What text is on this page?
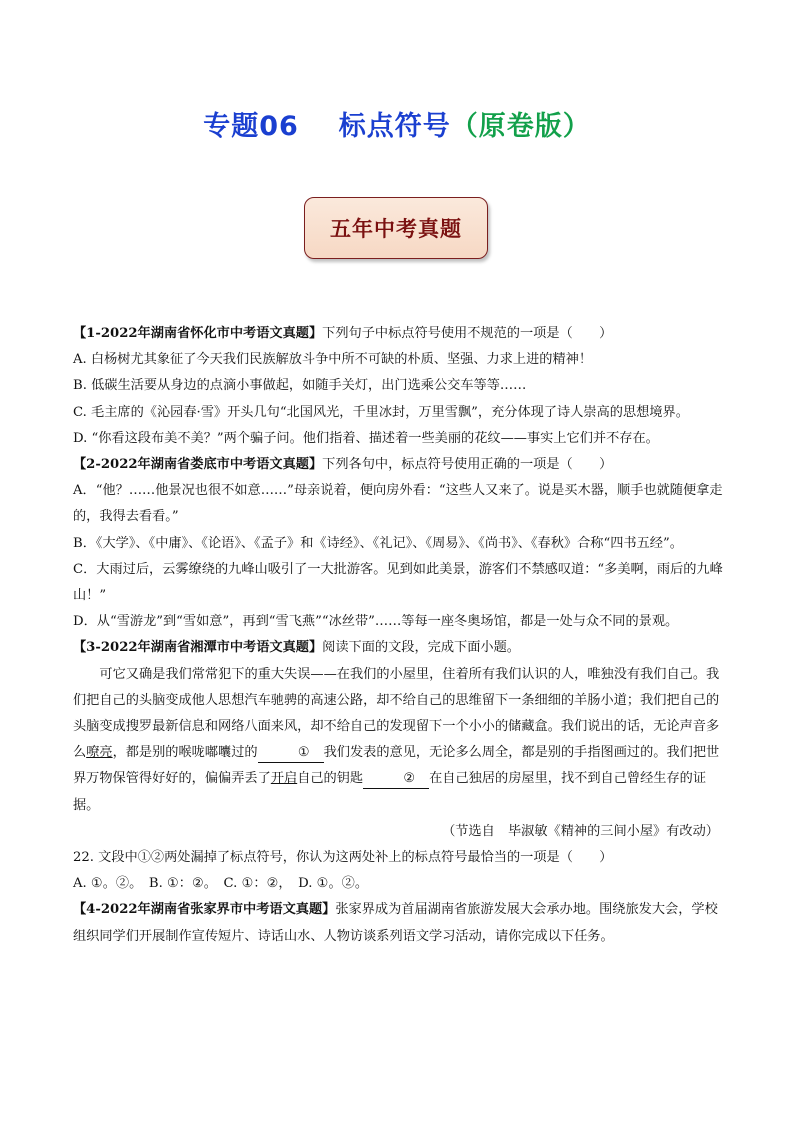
专题06 标点符号（原卷版）
五年中考真题

【1-2022年湖南省怀化市中考语文真题】下列句子中标点符号使用不规范的一项是（　　）

A. 白杨树尤其象征了今天我们民族解放斗争中所不可缺的朴质、坚强、力求上进的精神！

B. 低碳生活要从身边的点滴小事做起，如随手关灯，出门选乘公交车等等……

C. 毛主席的《沁园春·雪》开头几句“北国风光，千里冰封，万里雪飘”，充分体现了诗人崇高的思想境界。

D. “你看这段布美不美？”两个骗子问。他们指着、描述着一些美丽的花纹——事实上它们并不存在。

【2-2022年湖南省娄底市中考语文真题】下列各句中，标点符号使用正确的一项是（　　）

A．“他？……他景况也很不如意……”母亲说着，便向房外看：“这些人又来了。说是买木器，顺手也就随便拿走的，我得去看看。”

B．《大学》、《中庸》、《论语》、《孟子》和《诗经》、《礼记》、《周易》、《尚书》、《春秋》合称“四书五经”。

C．大雨过后，云雾缭绕的九峰山吸引了一大批游客。见到如此美景，游客们不禁感叹道：“多美啊，雨后的九峰山！”

D．从“雪游龙”到“雪如意”，再到“雪飞燕”“冰丝带”……等每一座冬奥场馆，都是一处与众不同的景观。

【3-2022年湖南省湘潭市中考语文真题】阅读下面的文段，完成下面小题。

可它又确是我们常常犯下的重大失误——在我们的小屋里，住着所有我们认识的人，唯独没有我们自己。我们把自己的头脑变成他人思想汽车驰骋的高速公路，却不给自己的思维留下一条细细的羊肠小道；我们把自己的头脑变成搜罗最新信息和网络八面来风，却不给自己的发现留下一个小小的储藏盒。我们说出的话，无论声音多么嘹亮，都是别的喉咙嘟囔过的	① 我们发表的意见，无论多么周全，都是别的手指图画过的。我们把世界万物保管得好好的，偏偏弄丢了开启自己的钥匙	② 在自己独居的房屋里，找不到自己曾经生存的证据。

（节选自　毕淑敏《精神的三间小屋》有改动）

22. 文段中①②两处漏掉了标点符号，你认为这两处补上的标点符号最恰当的一项是（　　）

A. ①。②。　B. ①：②。　C. ①：②，　D. ①。②。

【4-2022年湖南省张家界市中考语文真题】张家界成为首届湖南省旅游发展大会承办地。围绕旅发大会，学校组织同学们开展制作宣传短片、诗话山水、人物访谈系列语文学习活动，请你完成以下任务。
